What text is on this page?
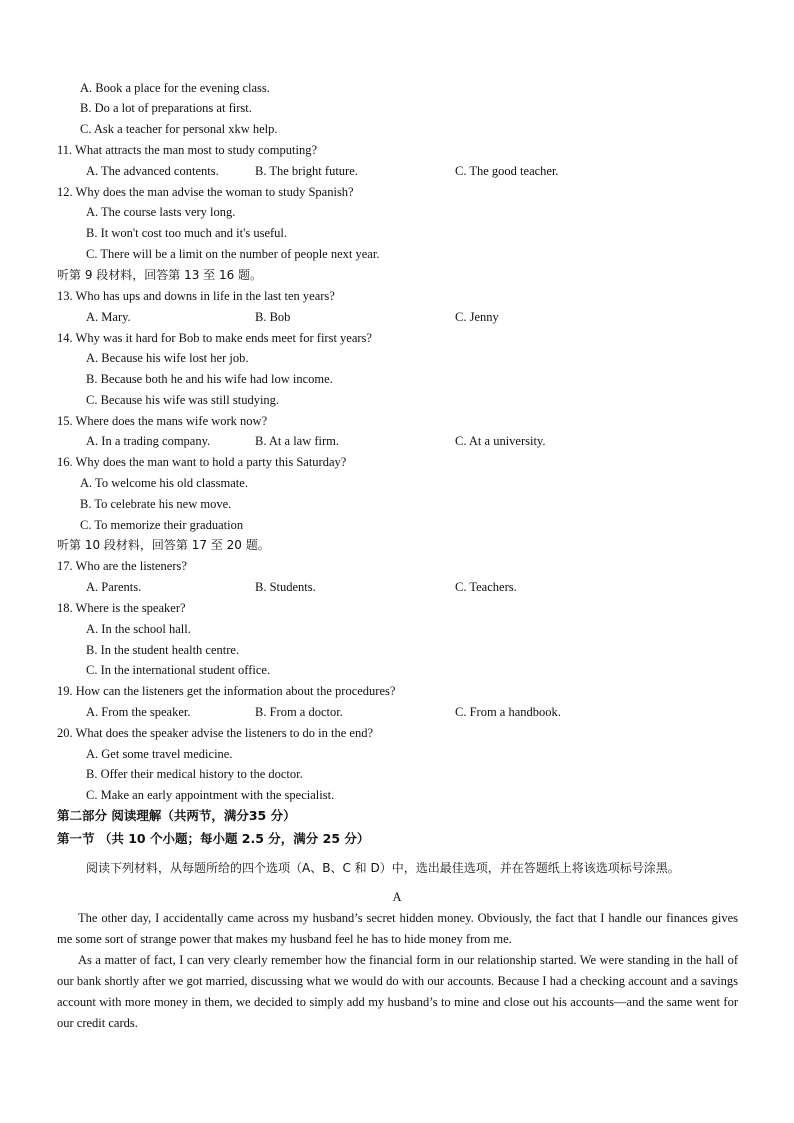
A. Book a place for the evening class.
B. Do a lot of preparations at first.
C. Ask a teacher for personal xkw help.
11. What attracts the man most to study computing?
A. The advanced contents.	B. The bright future.	C. The good teacher.
12. Why does the man advise the woman to study Spanish?
A. The course lasts very long.
B. It won't cost too much and it's useful.
C. There will be a limit on the number of people next year.
听第 9 段材料，回答第 13 至 16 题。
13. Who has ups and downs in life in the last ten years?
A. Mary.	B. Bob	C. Jenny
14. Why was it hard for Bob to make ends meet for first years?
A. Because his wife lost her job.
B. Because both he and his wife had low income.
C. Because his wife was still studying.
15. Where does the mans wife work now?
A. In a trading company.	B. At a law firm.	C. At a university.
16. Why does the man want to hold a party this Saturday?
A. To welcome his old classmate.
B. To celebrate his new move.
C. To memorize their graduation
听第 10 段材料，回答第 17 至 20 题。
17. Who are the listeners?
A. Parents.	B. Students.	C. Teachers.
18. Where is the speaker?
A. In the school hall.
B. In the student health centre.
C. In the international student office.
19. How can the listeners get the information about the procedures?
A. From the speaker.	B. From a doctor.	C. From a handbook.
20. What does the speaker advise the listeners to do in the end?
A. Get some travel medicine.
B. Offer their medical history to the doctor.
C. Make an early appointment with the specialist.
第二部分 阅读理解（共两节，满分35 分）
第一节 （共 10 个小题；每小题 2.5 分，满分 25 分）
阅读下列材料，从每题所给的四个选项（A、B、C 和 D）中，选出最佳选项，并在答题纸上将该选项标号涂黑。
A
The other day, I accidentally came across my husband’s secret hidden money. Obviously, the fact that I handle our finances gives me some sort of strange power that makes my husband feel he has to hide money from me.
As a matter of fact, I can very clearly remember how the financial form in our relationship started. We were standing in the hall of our bank shortly after we got married, discussing what we would do with our accounts. Because I had a checking account and a savings account with more money in them, we decided to simply add my husband’s to mine and close out his accounts—and the same went for our credit cards.
